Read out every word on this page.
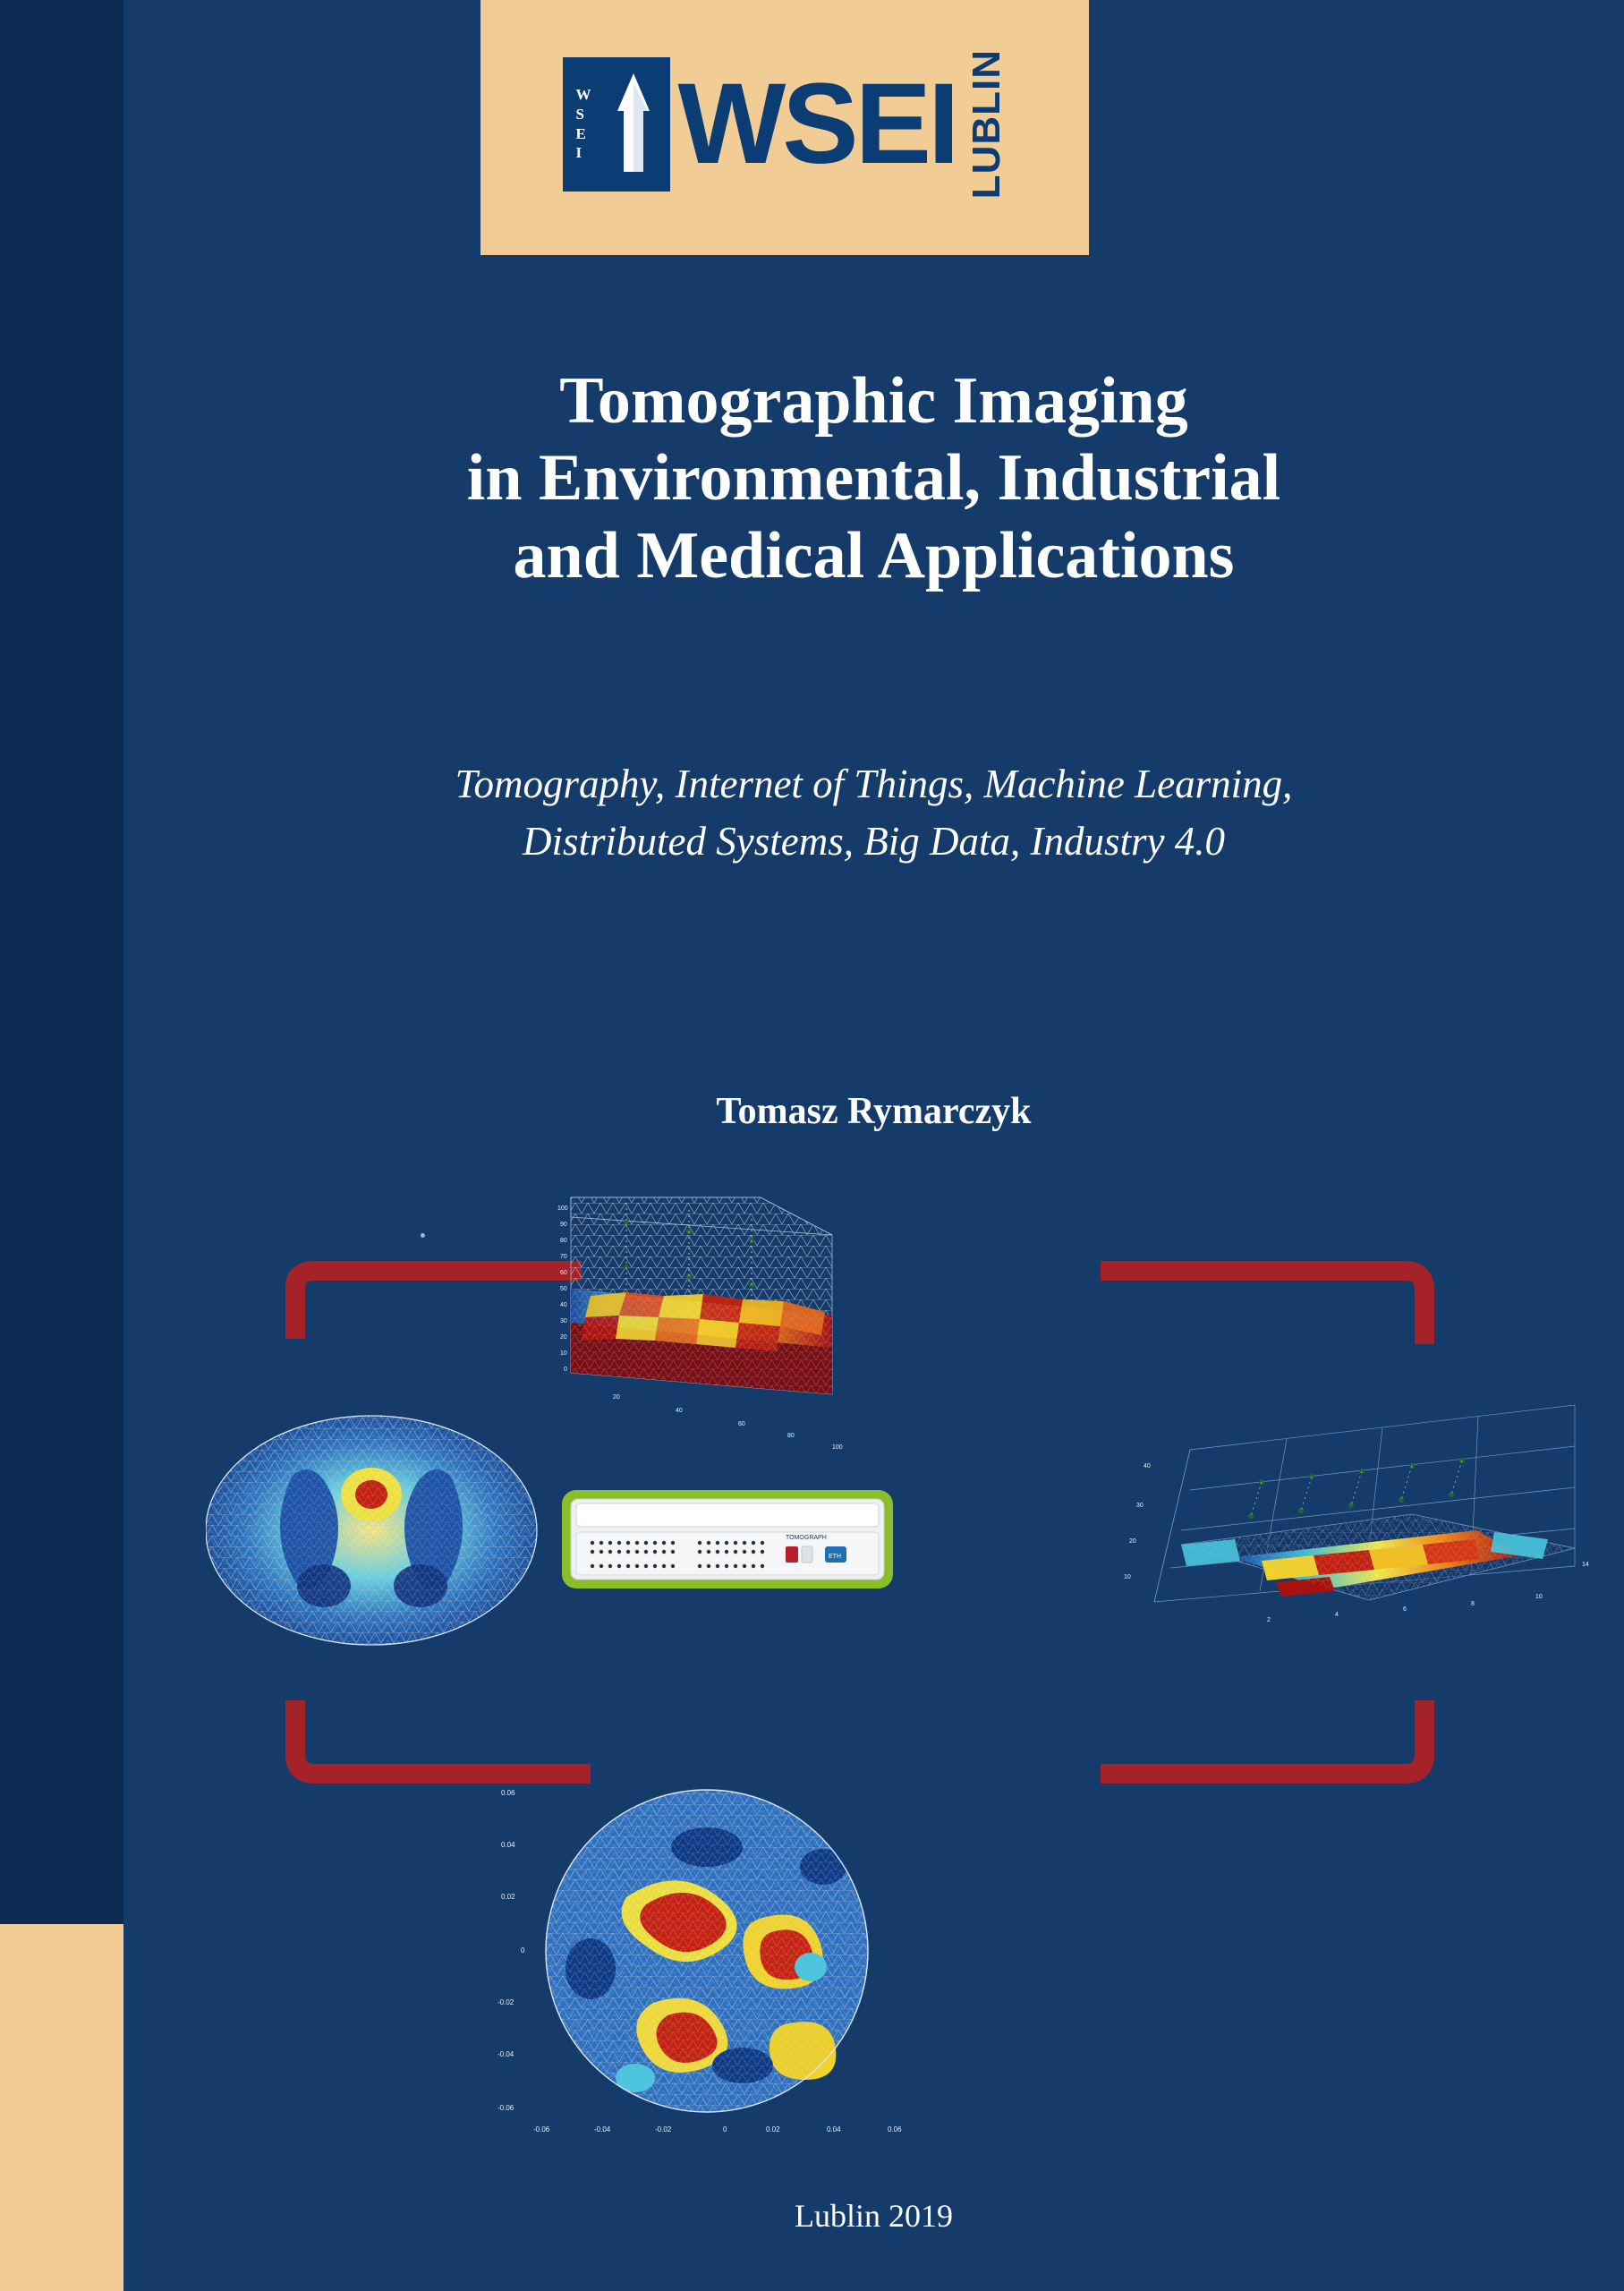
W
S
E
I WSEI LUBLIN
Tomographic Imaging
in Environmental, Industrial
and Medical Applications
Tomography, Internet of Things, Machine Learning,
Distributed Systems, Big Data, Industry 4.0
Tomasz Rymarczyk
100
90
80
70
60
50
40
30
20
10
0
20
40
60
80
100
40
30
20
10
2
4
6
8
10
14
0.06
0.04
0.02
0
-0.02
-0.04
-0.06
-0.06	-0.04	-0.02	0	0.02	0.04	0.06
TOMOGRAPH
ETH
Lublin 2019
